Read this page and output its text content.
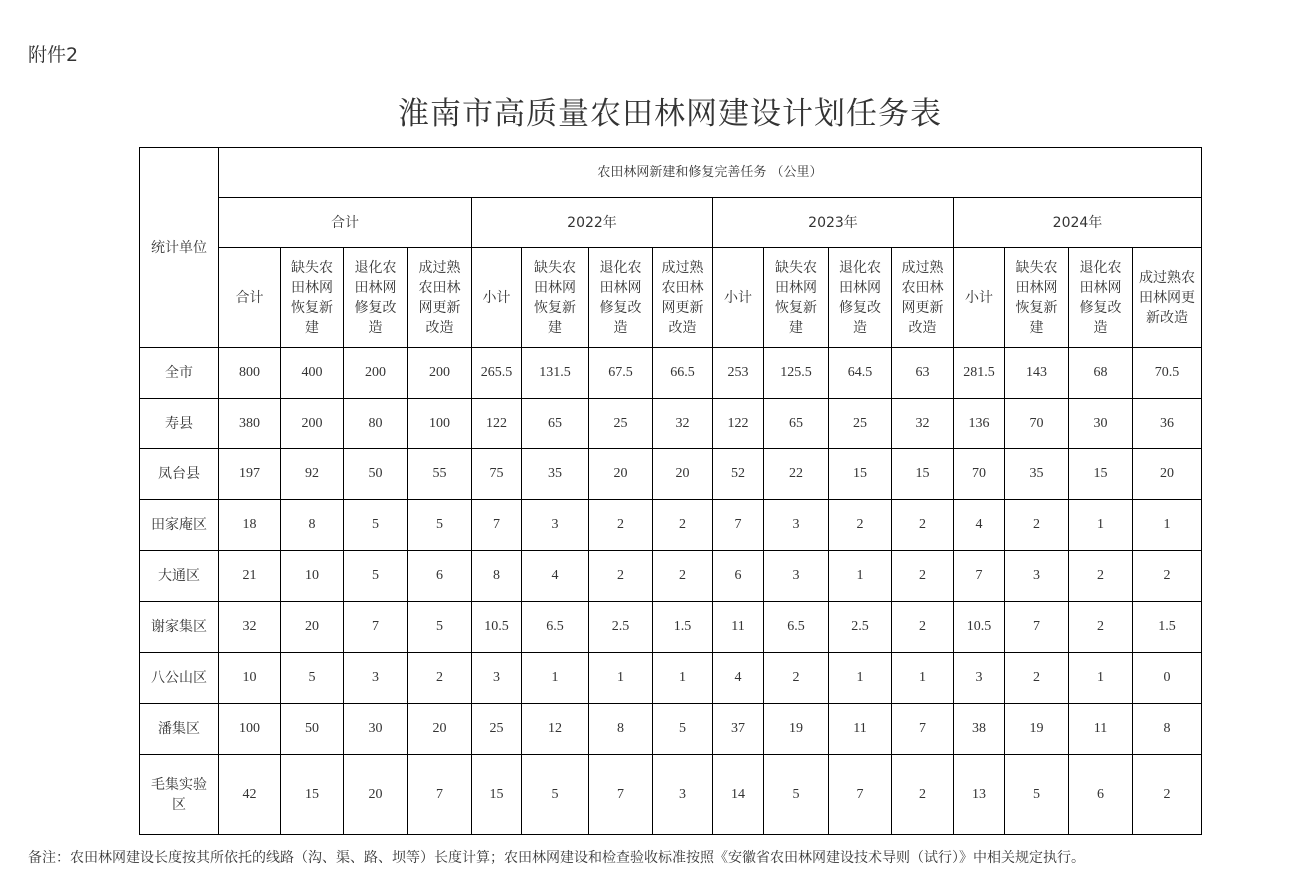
附件2
淮南市高质量农田林网建设计划任务表
统计单位	农田林网新建和修复完善任务 （公里）															
	合计				2022年				2023年				2024年			
	合计	缺失农田林网恢复新建	退化农田林网修复改造	成过熟农田林网更新改造	小计	缺失农田林网恢复新建	退化农田林网修复改造	成过熟农田林网更新改造	小计	缺失农田林网恢复新建	退化农田林网修复改造	成过熟农田林网更新改造	小计	缺失农田林网恢复新建	退化农田林网修复改造	成过熟农田林网更新改造
全市	800	400	200	200	265.5	131.5	67.5	66.5	253	125.5	64.5	63	281.5	143	68	70.5
寿县	380	200	80	100	122	65	25	32	122	65	25	32	136	70	30	36
凤台县	197	92	50	55	75	35	20	20	52	22	15	15	70	35	15	20
田家庵区	18	8	5	5	7	3	2	2	7	3	2	2	4	2	1	1
大通区	21	10	5	6	8	4	2	2	6	3	1	2	7	3	2	2
谢家集区	32	20	7	5	10.5	6.5	2.5	1.5	11	6.5	2.5	2	10.5	7	2	1.5
八公山区	10	5	3	2	3	1	1	1	4	2	1	1	3	2	1	0
潘集区	100	50	30	20	25	12	8	5	37	19	11	7	38	19	11	8
毛集实验区	42	15	20	7	15	5	7	3	14	5	7	2	13	5	6	2
备注：农田林网建设长度按其所依托的线路（沟、渠、路、坝等）长度计算；农田林网建设和检查验收标准按照《安徽省农田林网建设技术导则（试行）》中相关规定执行。
